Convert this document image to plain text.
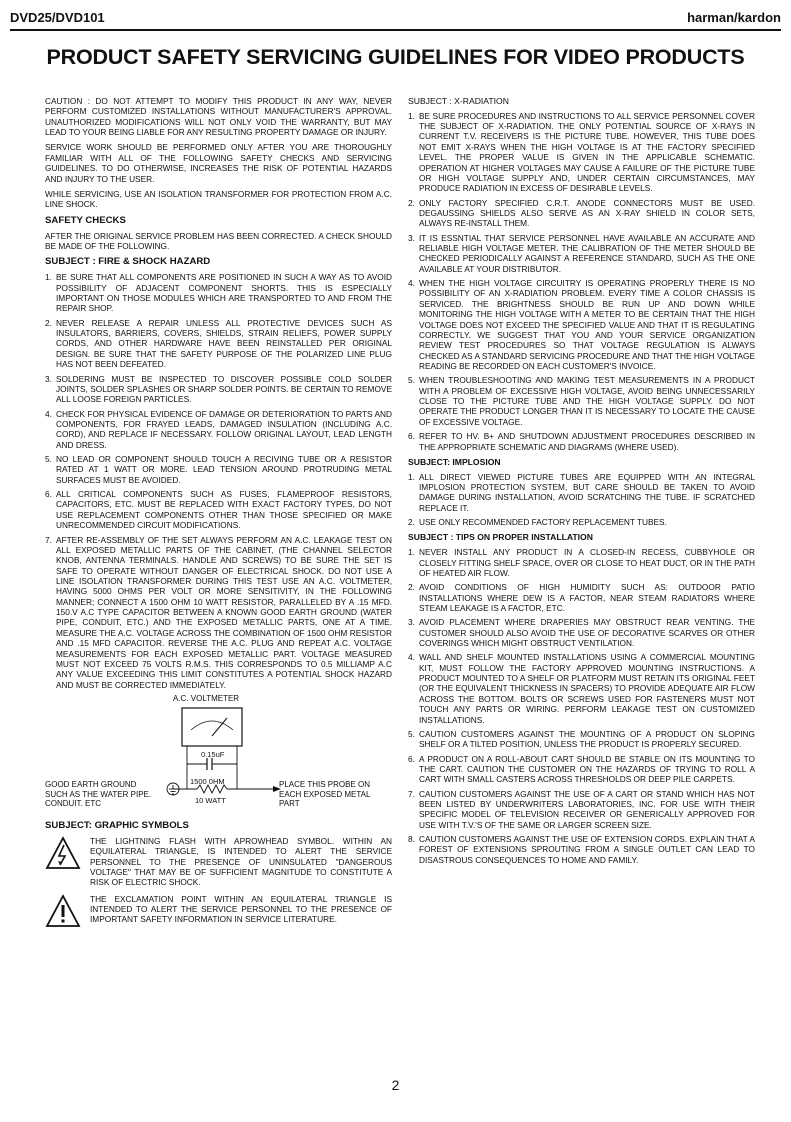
DVD25/DVD101	harman/kardon
PRODUCT SAFETY SERVICING GUIDELINES FOR VIDEO PRODUCTS

CAUTION : DO NOT ATTEMPT TO MODIFY THIS PRODUCT IN ANY WAY, NEVER PERFORM CUSTOMIZED INSTALLATIONS WITHOUT MANUFACTURER'S APPROVAL. UNAUTHORIZED MODIFICATIONS WILL NOT ONLY VOID THE WARRANTY, BUT MAY LEAD TO YOUR BEING LIABLE FOR ANY RESULTING PROPERTY DAMAGE OR INJURY.

SERVICE WORK SHOULD BE PERFORMED ONLY AFTER YOU ARE THOROUGHLY FAMILIAR WITH ALL OF THE FOLLOWING SAFETY CHECKS AND SERVICING GUIDELINES. TO DO OTHERWISE, INCREASES THE RISK OF POTENTIAL HAZARDS AND INJURY TO THE USER.

WHILE SERVICING, USE AN ISOLATION TRANSFORMER FOR PROTECTION FROM A.C. LINE SHOCK.

SAFETY CHECKS

AFTER THE ORIGINAL SERVICE PROBLEM HAS BEEN CORRECTED. A CHECK SHOULD BE MADE OF THE FOLLOWING.

SUBJECT : FIRE & SHOCK HAZARD
1. BE SURE THAT ALL COMPONENTS ARE POSITIONED IN SUCH A WAY AS TO AVOID POSSIBILITY OF ADJACENT COMPONENT SHORTS. THIS IS ESPECIALLY IMPORTANT ON THOSE MODULES WHICH ARE TRANSPORTED TO AND FROM THE REPAIR SHOP.
2. NEVER RELEASE A REPAIR UNLESS ALL PROTECTIVE DEVICES SUCH AS INSULATORS, BARRIERS, COVERS, SHIELDS, STRAIN RELIEFS, POWER SUPPLY CORDS, AND OTHER HARDWARE HAVE BEEN REINSTALLED PER ORIGINAL DESIGN. BE SURE THAT THE SAFETY PURPOSE OF THE POLARIZED LINE PLUG HAS NOT BEEN DEFEATED.
3. SOLDERING MUST BE INSPECTED TO DISCOVER POSSIBLE COLD SOLDER JOINTS, SOLDER SPLASHES OR SHARP SOLDER POINTS. BE CERTAIN TO REMOVE ALL LOOSE FOREIGN PARTICLES.
4. CHECK FOR PHYSICAL EVIDENCE OF DAMAGE OR DETERIORATION TO PARTS AND COMPONENTS, FOR FRAYED LEADS, DAMAGED INSULATION (INCLUDING A.C. CORD), AND REPLACE IF NECESSARY. FOLLOW ORIGINAL LAYOUT, LEAD LENGTH AND DRESS.
5. NO LEAD OR COMPONENT SHOULD TOUCH A RECIVING TUBE OR A RESISTOR RATED AT 1 WATT OR MORE. LEAD TENSION AROUND PROTRUDING METAL SURFACES MUST BE AVOIDED.
6. ALL CRITICAL COMPONENTS SUCH AS FUSES, FLAMEPROOF RESISTORS, CAPACITORS, ETC. MUST BE REPLACED WITH EXACT FACTORY TYPES, DO NOT USE REPLACEMENT COMPONENTS OTHER THAN THOSE SPECIFIED OR MAKE UNRECOMMENDED CIRCUIT MODIFICATIONS.
7. AFTER RE-ASSEMBLY OF THE SET ALWAYS PERFORM AN A.C. LEAKAGE TEST ON ALL EXPOSED METALLIC PARTS OF THE CABINET, (THE CHANNEL SELECTOR KNOB, ANTENNA TERMINALS. HANDLE AND SCREWS) TO BE SURE THE SET IS SAFE TO OPERATE WITHOUT DANGER OF ELECTRICAL SHOCK. DO NOT USE A LINE ISOLATION TRANSFORMER DURING THIS TEST USE AN A.C. VOLTMETER, HAVING 5000 OHMS PER VOLT OR MORE SENSITIVITY, IN THE FOLLOWING MANNER; CONNECT A 1500 OHM 10 WATT RESISTOR, PARALLELED BY A .15 MFD. 150.V A.C TYPE CAPACITOR BETWEEN A KNOWN GOOD EARTH GROUND (WATER PIPE, CONDUIT, ETC.) AND THE EXPOSED METALLIC PARTS, ONE AT A TIME. MEASURE THE A.C. VOLTAGE ACROSS THE COMBINATION OF 1500 OHM RESISTOR AND .15 MFD CAPACITOR. REVERSE THE A.C. PLUG AND REPEAT A.C. VOLTAGE MEASUREMENTS FOR EACH EXPOSED METALLIC PART. VOLTAGE MEASURED MUST NOT EXCEED 75 VOLTS R.M.S. THIS CORRESPONDS TO 0.5 MILLIAMP A.C ANY VALUE EXCEEDING THIS LIMIT CONSTITUTES A POTENTIAL SHOCK HAZARD AND MUST BE CORRECTED IMMEDIATELY.
A.C. VOLTMETER
0.15uF
1500 0HM
10 WATT
GOOD EARTH GROUND SUCH AS THE WATER PIPE. CONDUIT. ETC
PLACE THIS PROBE ON EACH EXPOSED METAL PART
SUBJECT: GRAPHIC SYMBOLS
THE LIGHTNING FLASH WITH APROWHEAD SYMBOL. WITHIN AN EQUILATERAL TRIANGLE, IS INTENDED TO ALERT THE SERVICE PERSONNEL TO THE PRESENCE OF UNINSULATED "DANGEROUS VOLTAGE" THAT MAY BE OF SUFFICIENT MAGNITUDE TO CONSTITUTE A RISK OF ELECTRIC SHOCK.
THE EXCLAMATION POINT WITHIN AN EQUILATERAL TRIANGLE IS INTENDED TO ALERT THE SERVICE PERSONNEL TO THE PRESENCE OF IMPORTANT SAFETY INFORMATION IN SERVICE LITERATURE.
SUBJECT : X-RADIATION
1. BE SURE PROCEDURES AND INSTRUCTIONS TO ALL SERVICE PERSONNEL COVER THE SUBJECT OF X-RADIATION. THE ONLY POTENTIAL SOURCE OF X-RAYS IN CURRENT T.V. RECEIVERS IS THE PICTURE TUBE. HOWEVER, THIS TUBE DOES NOT EMIT X-RAYS WHEN THE HIGH VOLTAGE IS AT THE FACTORY SPECIFIED LEVEL. THE PROPER VALUE IS GIVEN IN THE APPLICABLE SCHEMATIC. OPERATION AT HIGHER VOLTAGES MAY CAUSE A FAILURE OF THE PICTURE TUBE OR HIGH VOLTAGE SUPPLY AND, UNDER CERTAIN CIRCUMSTANCES, MAY PRODUCE RADIATION IN EXCESS OF DESIRABLE LEVELS.
2. ONLY FACTORY SPECIFIED C.R.T. ANODE CONNECTORS MUST BE USED. DEGAUSSING SHIELDS ALSO SERVE AS AN X-RAY SHIELD IN COLOR SETS, ALWAYS RE-INSTALL THEM.
3. IT IS ESSNTIAL THAT SERVICE PERSONNEL HAVE AVAILABLE AN ACCURATE AND RELIABLE HIGH VOLTAGE METER. THE CALIBRATION OF THE METER SHOULD BE CHECKED PERIODICALLY AGAINST A REFERENCE STANDARD, SUCH AS THE ONE AVAILABLE AT YOUR DISTRIBUTOR.
4. WHEN THE HIGH VOLTAGE CIRCUITRY IS OPERATING PROPERLY THERE IS NO POSSIBILITY OF AN X-RADIATION PROBLEM. EVERY TIME A COLOR CHASSIS IS SERVICED. THE BRIGHTNESS SHOULD BE RUN UP AND DOWN WHILE MONITORING THE HIGH VOLTAGE WITH A METER TO BE CERTAIN THAT THE HIGH VOLTAGE DOES NOT EXCEED THE SPECIFIED VALUE AND THAT IT IS REGULATING CORRECTLY. WE SUGGEST THAT YOU AND YOUR SERVICE ORGANIZATION REVIEW TEST PROCEDURES SO THAT VOLTAGE REGULATION IS ALWAYS CHECKED AS A STANDARD SERVICING PROCEDURE AND THAT THE HIGH VOLTAGE READING BE RECORDED ON EACH CUSTOMER'S INVOICE.
5. WHEN TROUBLESHOOTING AND MAKING TEST MEASUREMENTS IN A PRODUCT WITH A PROBLEM OF EXCESSIVE HIGH VOLTAGE, AVOID BEING UNNECESSARILY CLOSE TO THE PICTURE TUBE AND THE HIGH VOLTAGE SUPPLY. DO NOT OPERATE THE PRODUCT LONGER THAN IT IS NECESSARY TO LOCATE THE CAUSE OF EXCESSIVE VOLTAGE.
6. REFER TO HV. B+ AND SHUTDOWN ADJUSTMENT PROCEDURES DESCRIBED IN THE APPROPRIATE SCHEMATIC AND DIAGRAMS (WHERE USED).
SUBJECT: IMPLOSION
1. ALL DIRECT VIEWED PICTURE TUBES ARE EQUIPPED WITH AN INTEGRAL IMPLOSION PROTECTION SYSTEM, BUT CARE SHOULD BE TAKEN TO AVOID DAMAGE DURING INSTALLATION, AVOID SCRATCHING THE TUBE. IF SCRATCHED REPLACE IT.
2. USE ONLY RECOMMENDED FACTORY REPLACEMENT TUBES.
SUBJECT : TIPS ON PROPER INSTALLATION
1. NEVER INSTALL ANY PRODUCT IN A CLOSED-IN RECESS, CUBBYHOLE OR CLOSELY FITTING SHELF SPACE, OVER OR CLOSE TO HEAT DUCT, OR IN THE PATH OF HEATED AIR FLOW.
2. AVOID CONDITIONS OF HIGH HUMIDITY SUCH AS: OUTDOOR PATIO INSTALLATIONS WHERE DEW IS A FACTOR, NEAR STEAM RADIATORS WHERE STEAM LEAKAGE IS A FACTOR, ETC.
3. AVOID PLACEMENT WHERE DRAPERIES MAY OBSTRUCT REAR VENTING. THE CUSTOMER SHOULD ALSO AVOID THE USE OF DECORATIVE SCARVES OR OTHER COVERINGS WHICH MIGHT OBSTRUCT VENTILATION.
4. WALL AND SHELF MOUNTED INSTALLATIONS USING A COMMERCIAL MOUNTING KIT, MUST FOLLOW THE FACTORY APPROVED MOUNTING INSTRUCTIONS. A PRODUCT MOUNTED TO A SHELF OR PLATFORM MUST RETAIN ITS ORIGINAL FEET (OR THE EQUIVALENT THICKNESS IN SPACERS) TO PROVIDE ADEQUATE AIR FLOW ACROSS THE BOTTOM. BOLTS OR SCREWS USED FOR FASTENERS MUST NOT TOUCH ANY PARTS OR WIRING. PERFORM LEAKAGE TEST ON CUSTOMIZED INSTALLATIONS.
5. CAUTION CUSTOMERS AGAINST THE MOUNTING OF A PRODUCT ON SLOPING SHELF OR A TILTED POSITION, UNLESS THE PRODUCT IS PROPERLY SECURED.
6. A PRODUCT ON A ROLL-ABOUT CART SHOULD BE STABLE ON ITS MOUNTING TO THE CART. CAUTION THE CUSTOMER ON THE HAZARDS OF TRYING TO ROLL A CART WITH SMALL CASTERS ACROSS THRESHOLDS OR DEEP PILE CARPETS.
7. CAUTION CUSTOMERS AGAINST THE USE OF A CART OR STAND WHICH HAS NOT BEEN LISTED BY UNDERWRITERS LABORATORIES, INC. FOR USE WITH THEIR SPECIFIC MODEL OF TELEVISION RECEIVER OR GENERICALLY APPROVED FOR USE WITH T.V.'S OF THE SAME OR LARGER SCREEN SIZE.
8. CAUTION CUSTOMERS AGAINST THE USE OF EXTENSION CORDS. EXPLAIN THAT A FOREST OF EXTENSIONS SPROUTING FROM A SINGLE OUTLET CAN LEAD TO DISASTROUS CONSEQUENCES TO HOME AND FAMILY.
2
